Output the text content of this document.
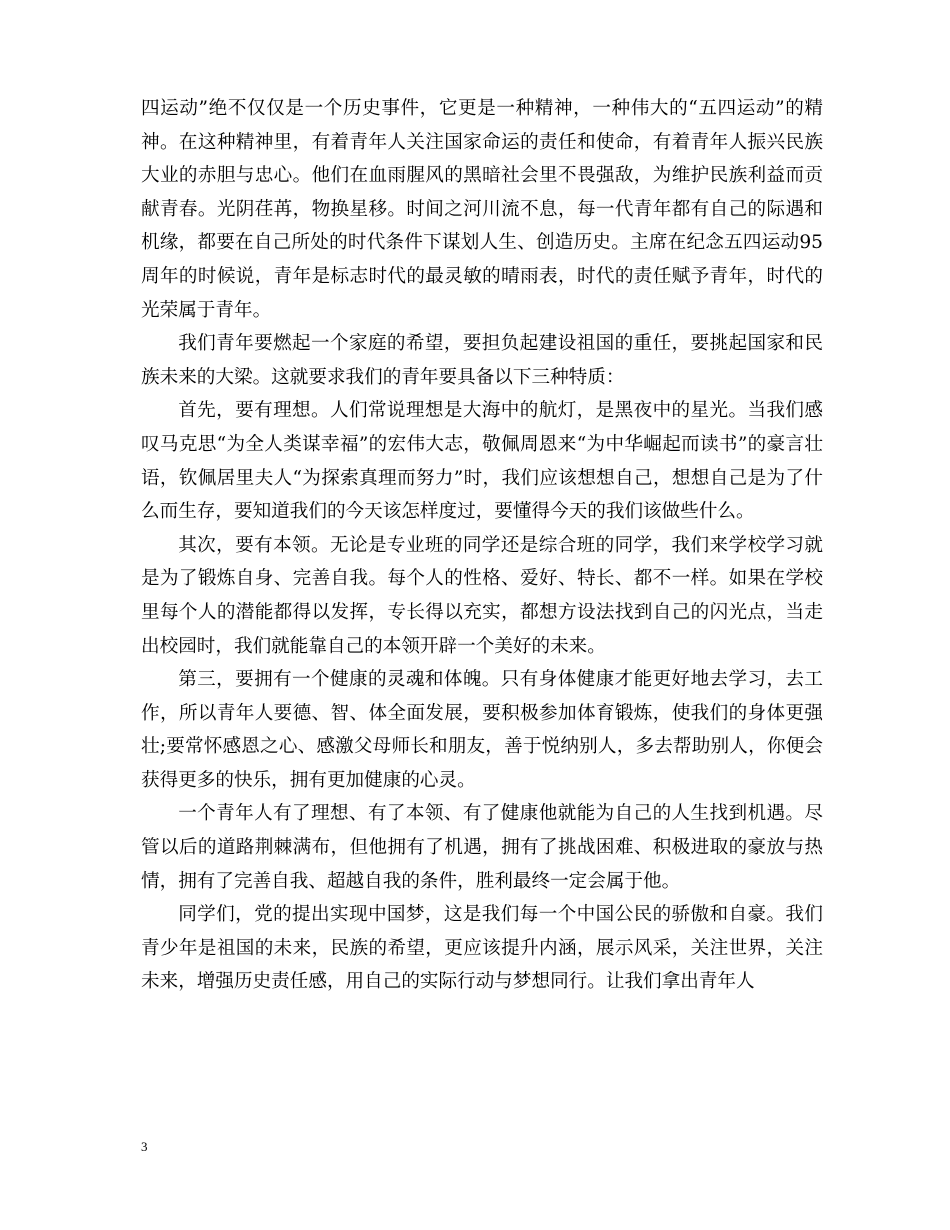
四运动”绝不仅仅是一个历史事件，它更是一种精神，一种伟大的“五四运动”的精神。在这种精神里，有着青年人关注国家命运的责任和使命，有着青年人振兴民族大业的赤胆与忠心。他们在血雨腥风的黑暗社会里不畏强敌，为维护民族利益而贡献青春。光阴荏苒，物换星移。时间之河川流不息，每一代青年都有自己的际遇和机缘，都要在自己所处的时代条件下谋划人生、创造历史。主席在纪念五四运动95周年的时候说，青年是标志时代的最灵敏的晴雨表，时代的责任赋予青年，时代的光荣属于青年。

我们青年要燃起一个家庭的希望，要担负起建设祖国的重任，要挑起国家和民族未来的大梁。这就要求我们的青年要具备以下三种特质：

首先，要有理想。人们常说理想是大海中的航灯，是黑夜中的星光。当我们感叹马克思“为全人类谋幸福”的宏伟大志，敬佩周恩来“为中华崛起而读书”的豪言壮语，钦佩居里夫人“为探索真理而努力”时，我们应该想想自己，想想自己是为了什么而生存，要知道我们的今天该怎样度过，要懂得今天的我们该做些什么。

其次，要有本领。无论是专业班的同学还是综合班的同学，我们来学校学习就是为了锻炼自身、完善自我。每个人的性格、爱好、特长、都不一样。如果在学校里每个人的潜能都得以发挥，专长得以充实，都想方设法找到自己的闪光点，当走出校园时，我们就能靠自己的本领开辟一个美好的未来。

第三，要拥有一个健康的灵魂和体魄。只有身体健康才能更好地去学习，去工作，所以青年人要德、智、体全面发展，要积极参加体育锻炼，使我们的身体更强壮;要常怀感恩之心、感激父母师长和朋友，善于悦纳别人，多去帮助别人，你便会获得更多的快乐，拥有更加健康的心灵。

一个青年人有了理想、有了本领、有了健康他就能为自己的人生找到机遇。尽管以后的道路荆棘满布，但他拥有了机遇，拥有了挑战困难、积极进取的豪放与热情，拥有了完善自我、超越自我的条件，胜利最终一定会属于他。

同学们，党的提出实现中国梦，这是我们每一个中国公民的骄傲和自豪。我们青少年是祖国的未来，民族的希望，更应该提升内涵，展示风采，关注世界，关注未来，增强历史责任感，用自己的实际行动与梦想同行。让我们拿出青年人

3
